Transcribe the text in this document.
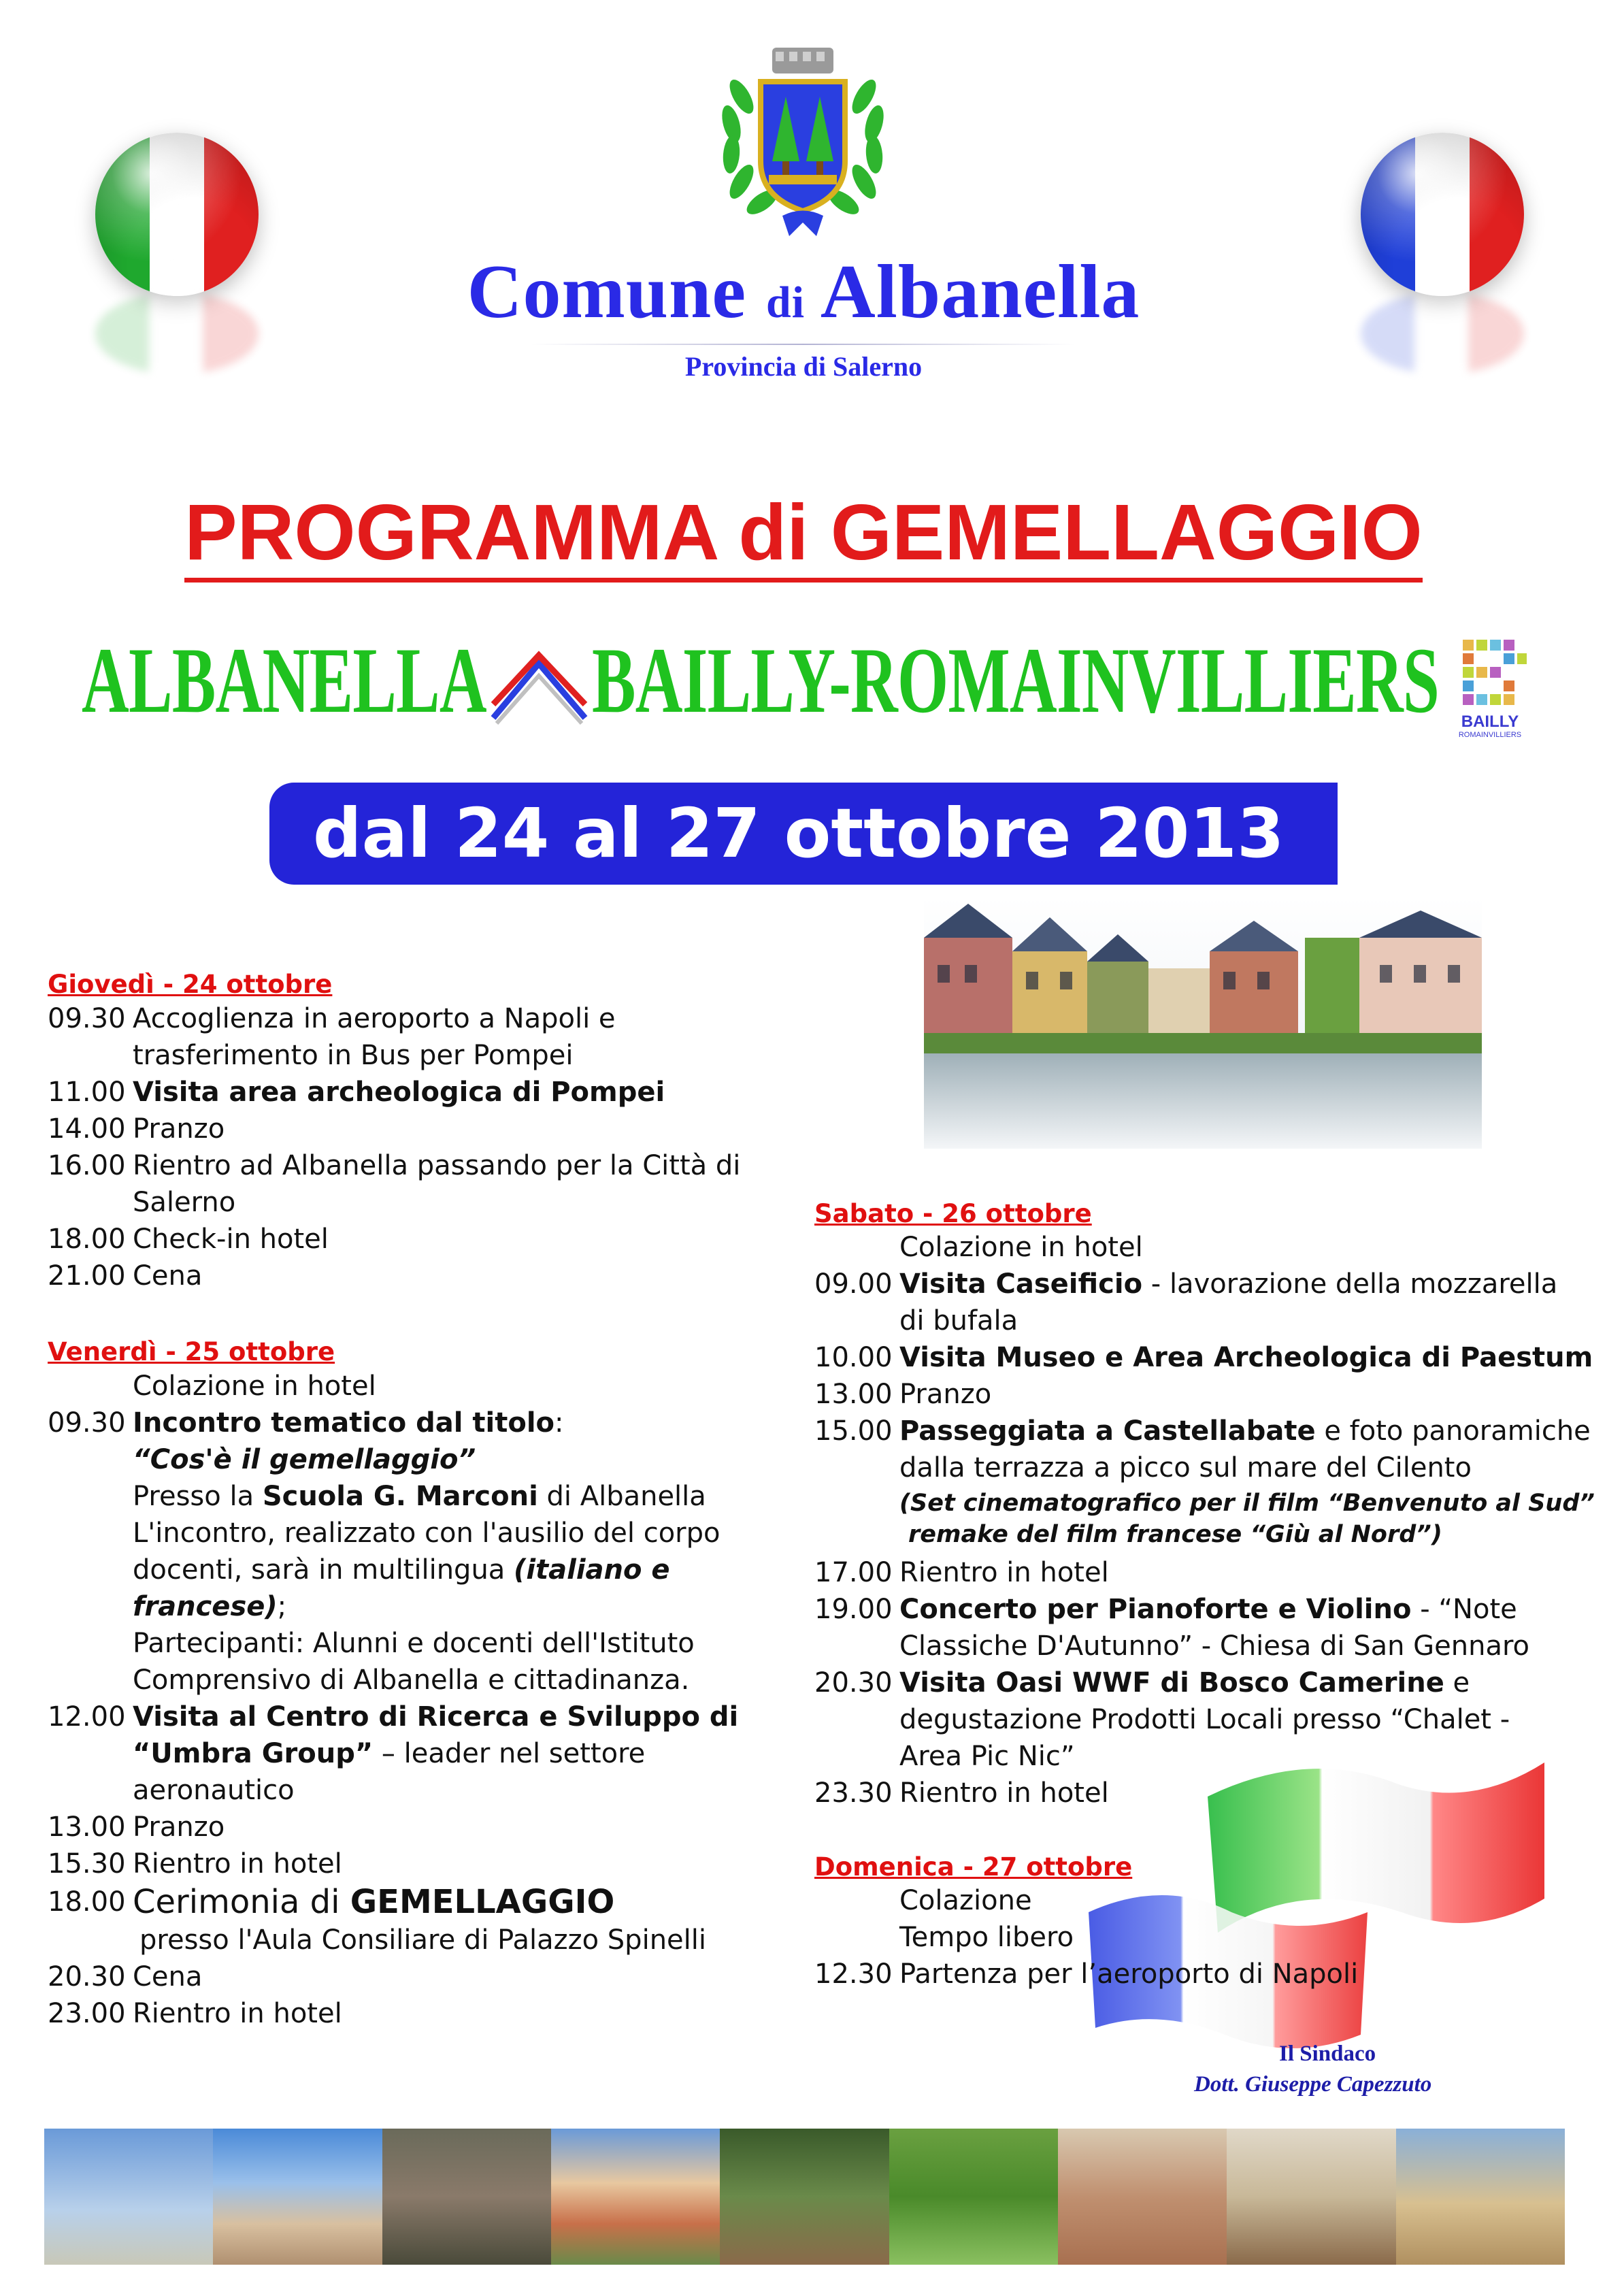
Comune di Albanella
Provincia di Salerno
PROGRAMMA di GEMELLAGGIO
ALBANELLA BAILLY-ROMAINVILLIERS	BAILLY
ROMAINVILLIERS
dal 24 al 27 ottobre 2013
Giovedì - 24 ottobre
09.30 Accoglienza in aeroporto a Napoli e
trasferimento in Bus per Pompei
11.00 Visita area archeologica di Pompei
14.00 Pranzo
16.00 Rientro ad Albanella passando per la Città di
Salerno
18.00 Check-in hotel
21.00 Cena
Venerdì - 25 ottobre
Colazione in hotel
09.30 Incontro tematico dal titolo:
“Cos'è il gemellaggio”
Presso la Scuola G. Marconi di Albanella
L'incontro, realizzato con l'ausilio del corpo
docenti, sarà in multilingua (italiano e
francese);
Partecipanti: Alunni e docenti dell'Istituto
Comprensivo di Albanella e cittadinanza.
12.00 Visita al Centro di Ricerca e Sviluppo di
“Umbra Group” – leader nel settore
aeronautico
13.00 Pranzo
15.30 Rientro in hotel
18.00 Cerimonia di GEMELLAGGIO
presso l'Aula Consiliare di Palazzo Spinelli
20.30 Cena
23.00 Rientro in hotel
Sabato - 26 ottobre
Colazione in hotel
09.00 Visita Caseificio - lavorazione della mozzarella
di bufala
10.00 Visita Museo e Area Archeologica di Paestum
13.00 Pranzo
15.00 Passeggiata a Castellabate e foto panoramiche
dalla terrazza a picco sul mare del Cilento
(Set cinematografico per il film “Benvenuto al Sud”
remake del film francese “Giù al Nord”)
17.00 Rientro in hotel
19.00 Concerto per Pianoforte e Violino - “Note
Classiche D'Autunno” - Chiesa di San Gennaro
20.30 Visita Oasi WWF di Bosco Camerine e
degustazione Prodotti Locali presso “Chalet -
Area Pic Nic”
23.30 Rientro in hotel
Domenica - 27 ottobre
Colazione
Tempo libero
12.30 Partenza per l’aeroporto di Napoli
Il Sindaco
Dott. Giuseppe Capezzuto
